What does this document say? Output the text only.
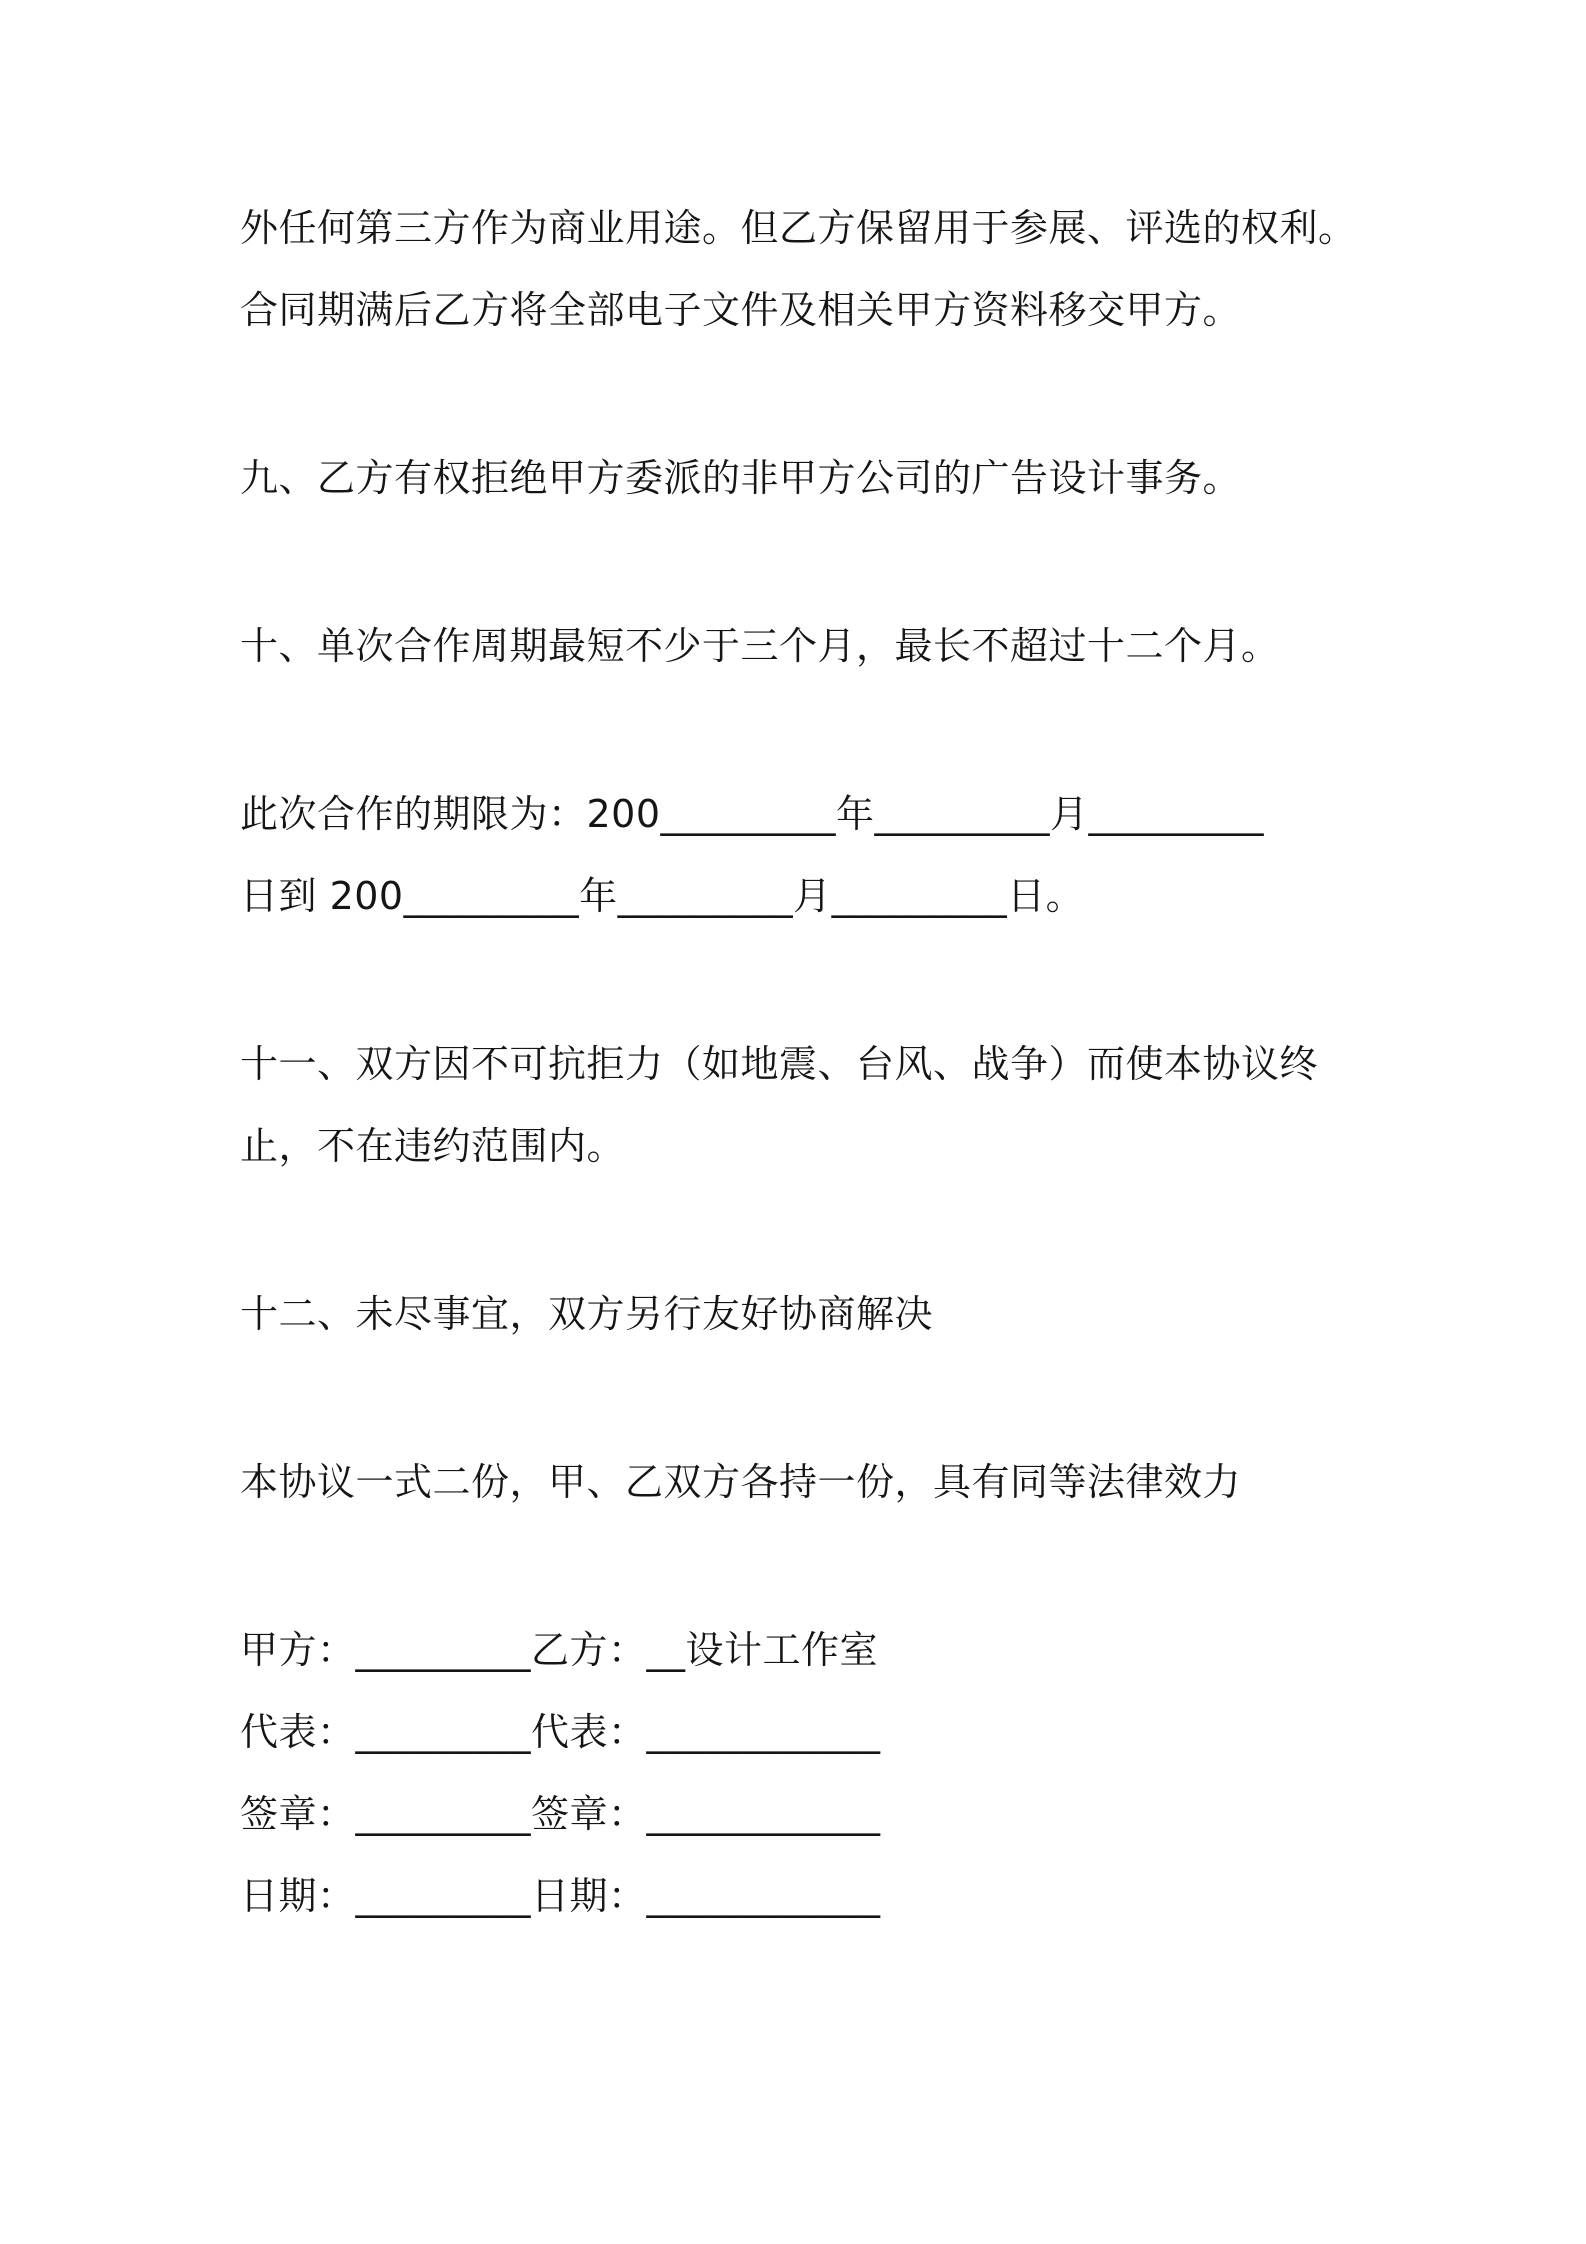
外任何第三方作为商业用途。但乙方保留用于参展、评选的权利。
合同期满后乙方将全部电子文件及相关甲方资料移交甲方。
九、乙方有权拒绝甲方委派的非甲方公司的广告设计事务。
十、单次合作周期最短不少于三个月，最长不超过十二个月。
此次合作的期限为：200_________年_________月_________
日到 200_________年_________月_________日。
十一、双方因不可抗拒力（如地震、台风、战争）而使本协议终
止，不在违约范围内。
十二、未尽事宜，双方另行友好协商解决
本协议一式二份，甲、乙双方各持一份，具有同等法律效力
甲方：_________乙方：__设计工作室
代表：_________代表：____________
签章：_________签章：____________
日期：_________日期：____________
